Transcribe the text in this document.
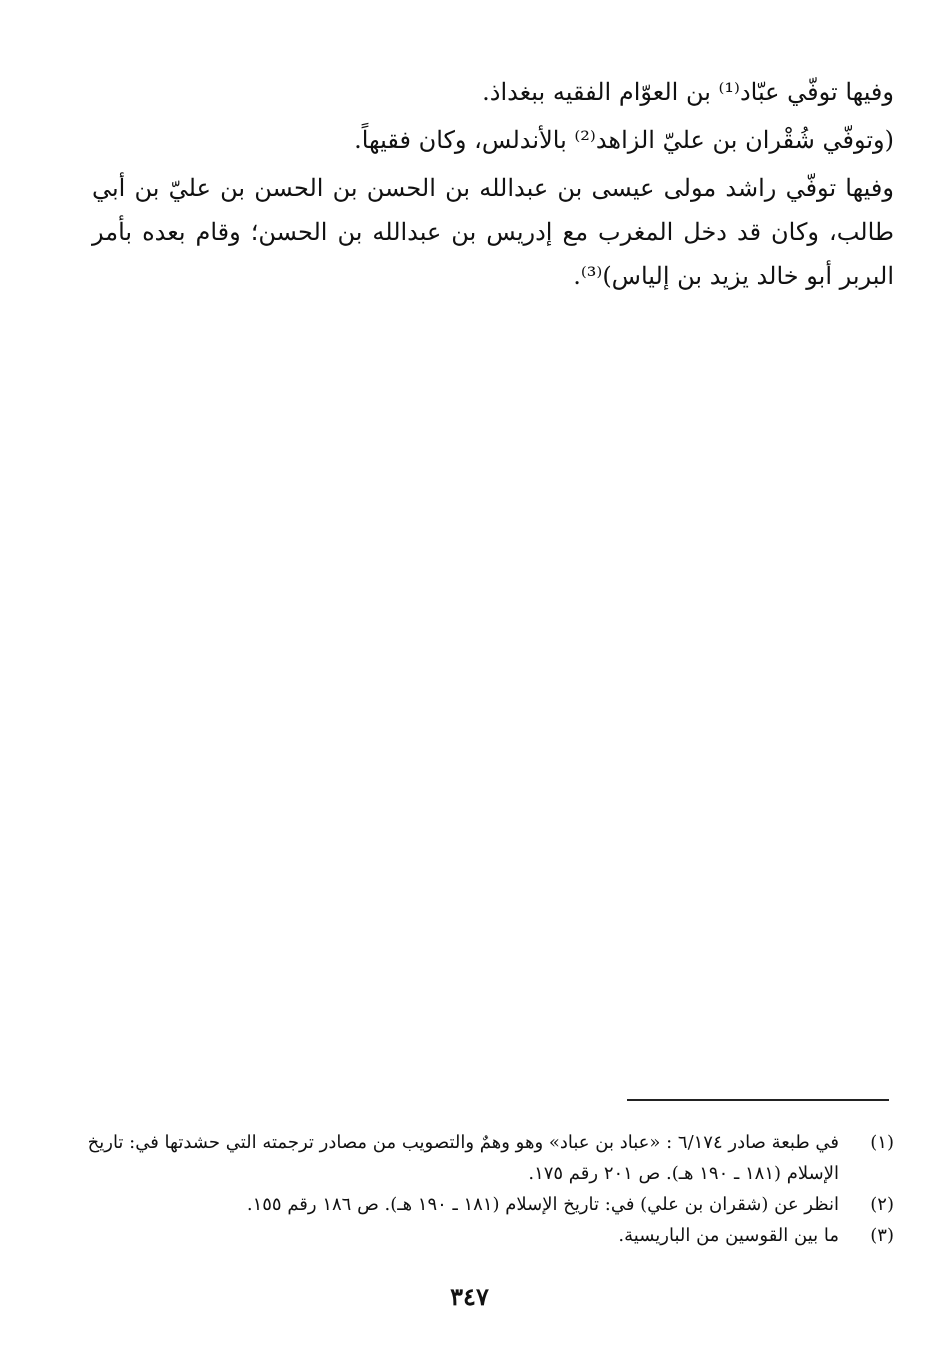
وفيها توفّي عبّاد⁽¹⁾ بن العوّام الفقيه ببغداذ.

(وتوفّي شُقْران بن عليّ الزاهد⁽²⁾ بالأندلس، وكان فقيهاً.

وفيها توفّي راشد مولى عيسى بن عبدالله بن الحسن بن الحسن بن عليّ بن أبي طالب، وكان قد دخل المغرب مع إدريس بن عبدالله بن الحسن؛ وقام بعده بأمر البربر أبو خالد يزيد بن إلياس)⁽³⁾.

(١)
في طبعة صادر ٦/١٧٤ : «عباد بن عباد» وهو وهمٌ والتصويب من مصادر ترجمته التي حشدتها في: تاريخ الإسلام (١٨١ ـ ١٩٠ هـ). ص ٢٠١ رقم ١٧٥.
(٢)
انظر عن (شقران بن علي) في: تاريخ الإسلام (١٨١ ـ ١٩٠ هـ). ص ١٨٦ رقم ١٥٥.
(٣)
ما بين القوسين من الباريسية.
٣٤٧
